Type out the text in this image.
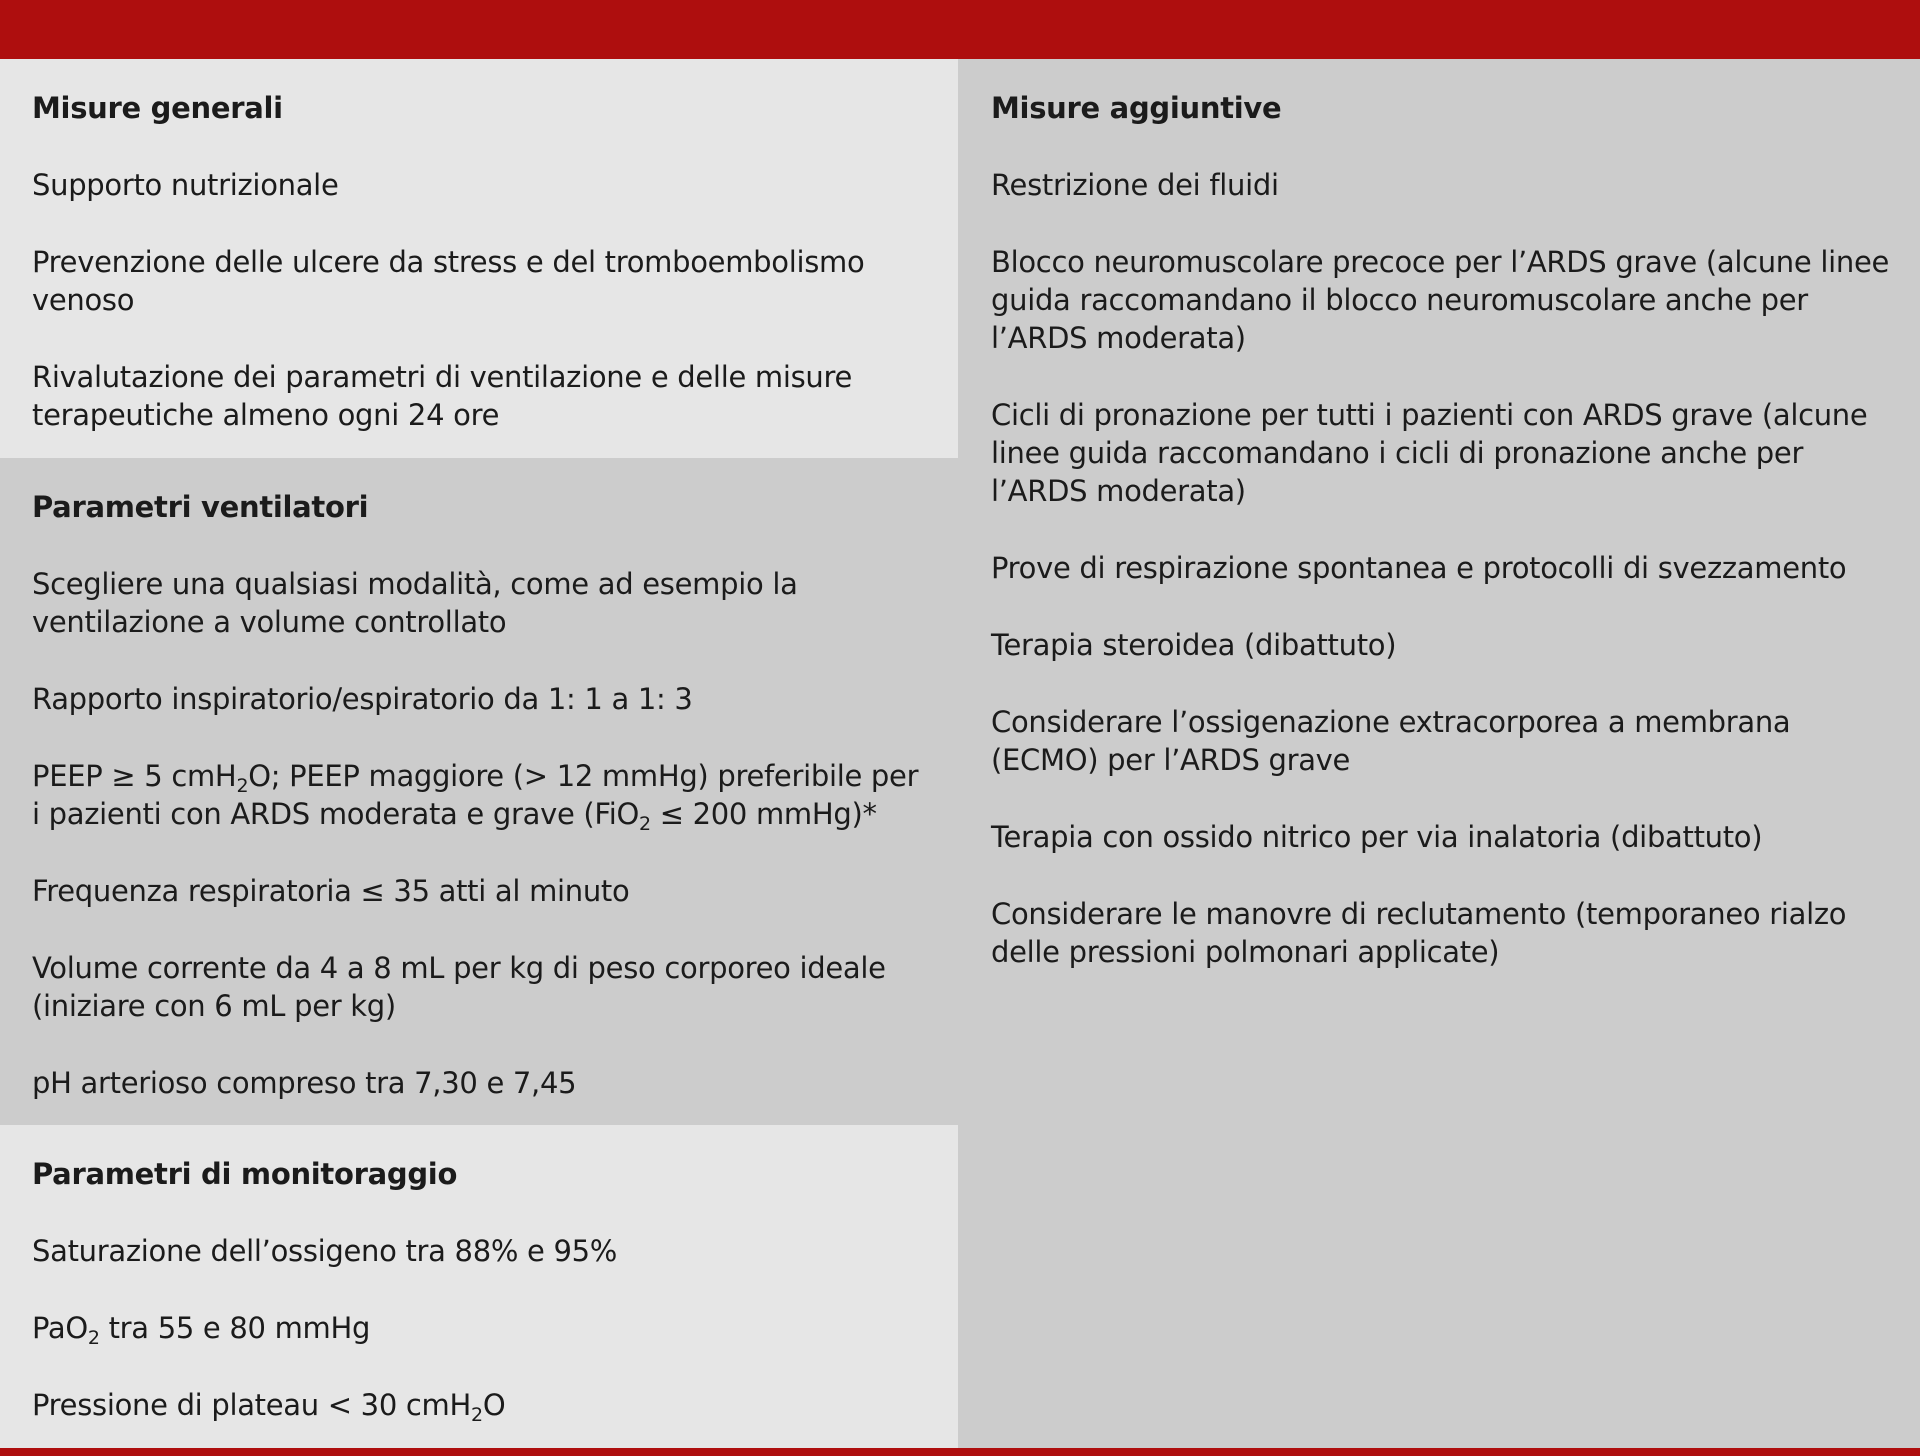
Misure generali
Supporto nutrizionale
Prevenzione delle ulcere da stress e del tromboembolismo venoso
Rivalutazione dei parametri di ventilazione e delle misure terapeutiche almeno ogni 24 ore
Parametri ventilatori
Scegliere una qualsiasi modalità, come ad esempio la ventilazione a volume controllato
Rapporto inspiratorio/espiratorio da 1: 1 a 1: 3
PEEP ≥ 5 cmH$_2$O; PEEP maggiore (> 12 mmHg) preferibile per i pazienti con ARDS moderata e grave (FiO$_2$ ≤ 200 mmHg)*
Frequenza respiratoria ≤ 35 atti al minuto
Volume corrente da 4 a 8 mL per kg di peso corporeo ideale (iniziare con 6 mL per kg)
pH arterioso compreso tra 7,30 e 7,45
Parametri di monitoraggio
Saturazione dell’ossigeno tra 88% e 95%
PaO$_2$ tra 55 e 80 mmHg
Pressione di plateau < 30 cmH$_2$O
Misure aggiuntive
Restrizione dei fluidi
Blocco neuromuscolare precoce per l’ARDS grave (alcune linee guida raccomandano il blocco neuromuscolare anche per l’ARDS moderata)
Cicli di pronazione per tutti i pazienti con ARDS grave (alcune linee guida raccomandano i cicli di pronazione anche per l’ARDS moderata)
Prove di respirazione spontanea e protocolli di svezzamento
Terapia steroidea (dibattuto)
Considerare l’ossigenazione extracorporea a membrana (ECMO) per l’ARDS grave
Terapia con ossido nitrico per via inalatoria (dibattuto)
Considerare le manovre di reclutamento (temporaneo rialzo delle pressioni polmonari applicate)
